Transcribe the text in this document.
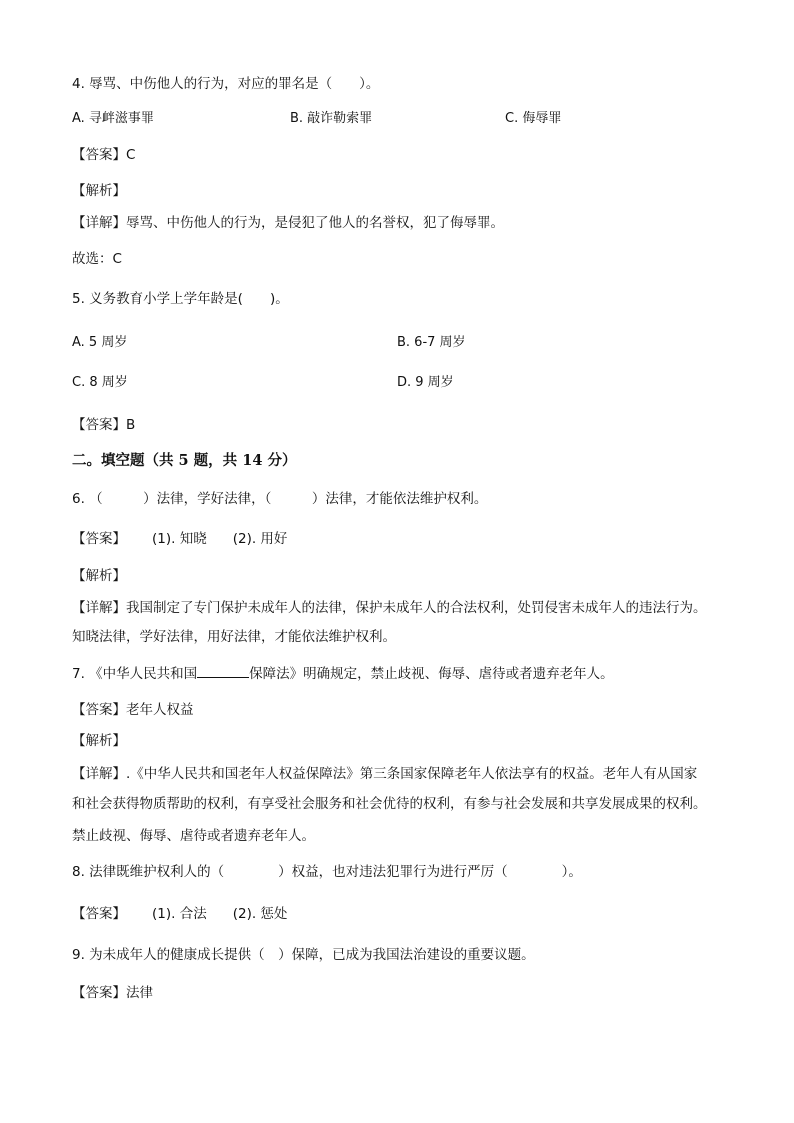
4. 辱骂、中伤他人的行为，对应的罪名是（　　）。
A. 寻衅滋事罪	B. 敲诈勒索罪	C. 侮辱罪
【答案】C
【解析】
【详解】辱骂、中伤他人的行为，是侵犯了他人的名誉权，犯了侮辱罪。
故选：C
5. 义务教育小学上学年龄是(　　)。
A. 5 周岁	B. 6-7 周岁
C. 8 周岁	D. 9 周岁
【答案】B
二。填空题（共 5 题，共 14 分）
6. （　　　）法律，学好法律，（　　　）法律，才能依法维护权利。
【答案】 (1). 知晓 (2). 用好
【解析】
【详解】我国制定了专门保护未成年人的法律，保护未成年人的合法权利，处罚侵害未成年人的违法行为。
知晓法律，学好法律，用好法律，才能依法维护权利。
7. 《中华人民共和国	保障法》明确规定，禁止歧视、侮辱、虐待或者遗弃老年人。
【答案】老年人权益
【解析】
【详解】.《中华人民共和国老年人权益保障法》第三条国家保障老年人依法享有的权益。老年人有从国家
和社会获得物质帮助的权利，有享受社会服务和社会优待的权利，有参与社会发展和共享发展成果的权利。
禁止歧视、侮辱、虐待或者遗弃老年人。
8. 法律既维护权利人的（　　　　）权益，也对违法犯罪行为进行严厉（　　　　）。
【答案】 (1). 合法 (2). 惩处
9. 为未成年人的健康成长提供（　）保障，已成为我国法治建设的重要议题。
【答案】法律
